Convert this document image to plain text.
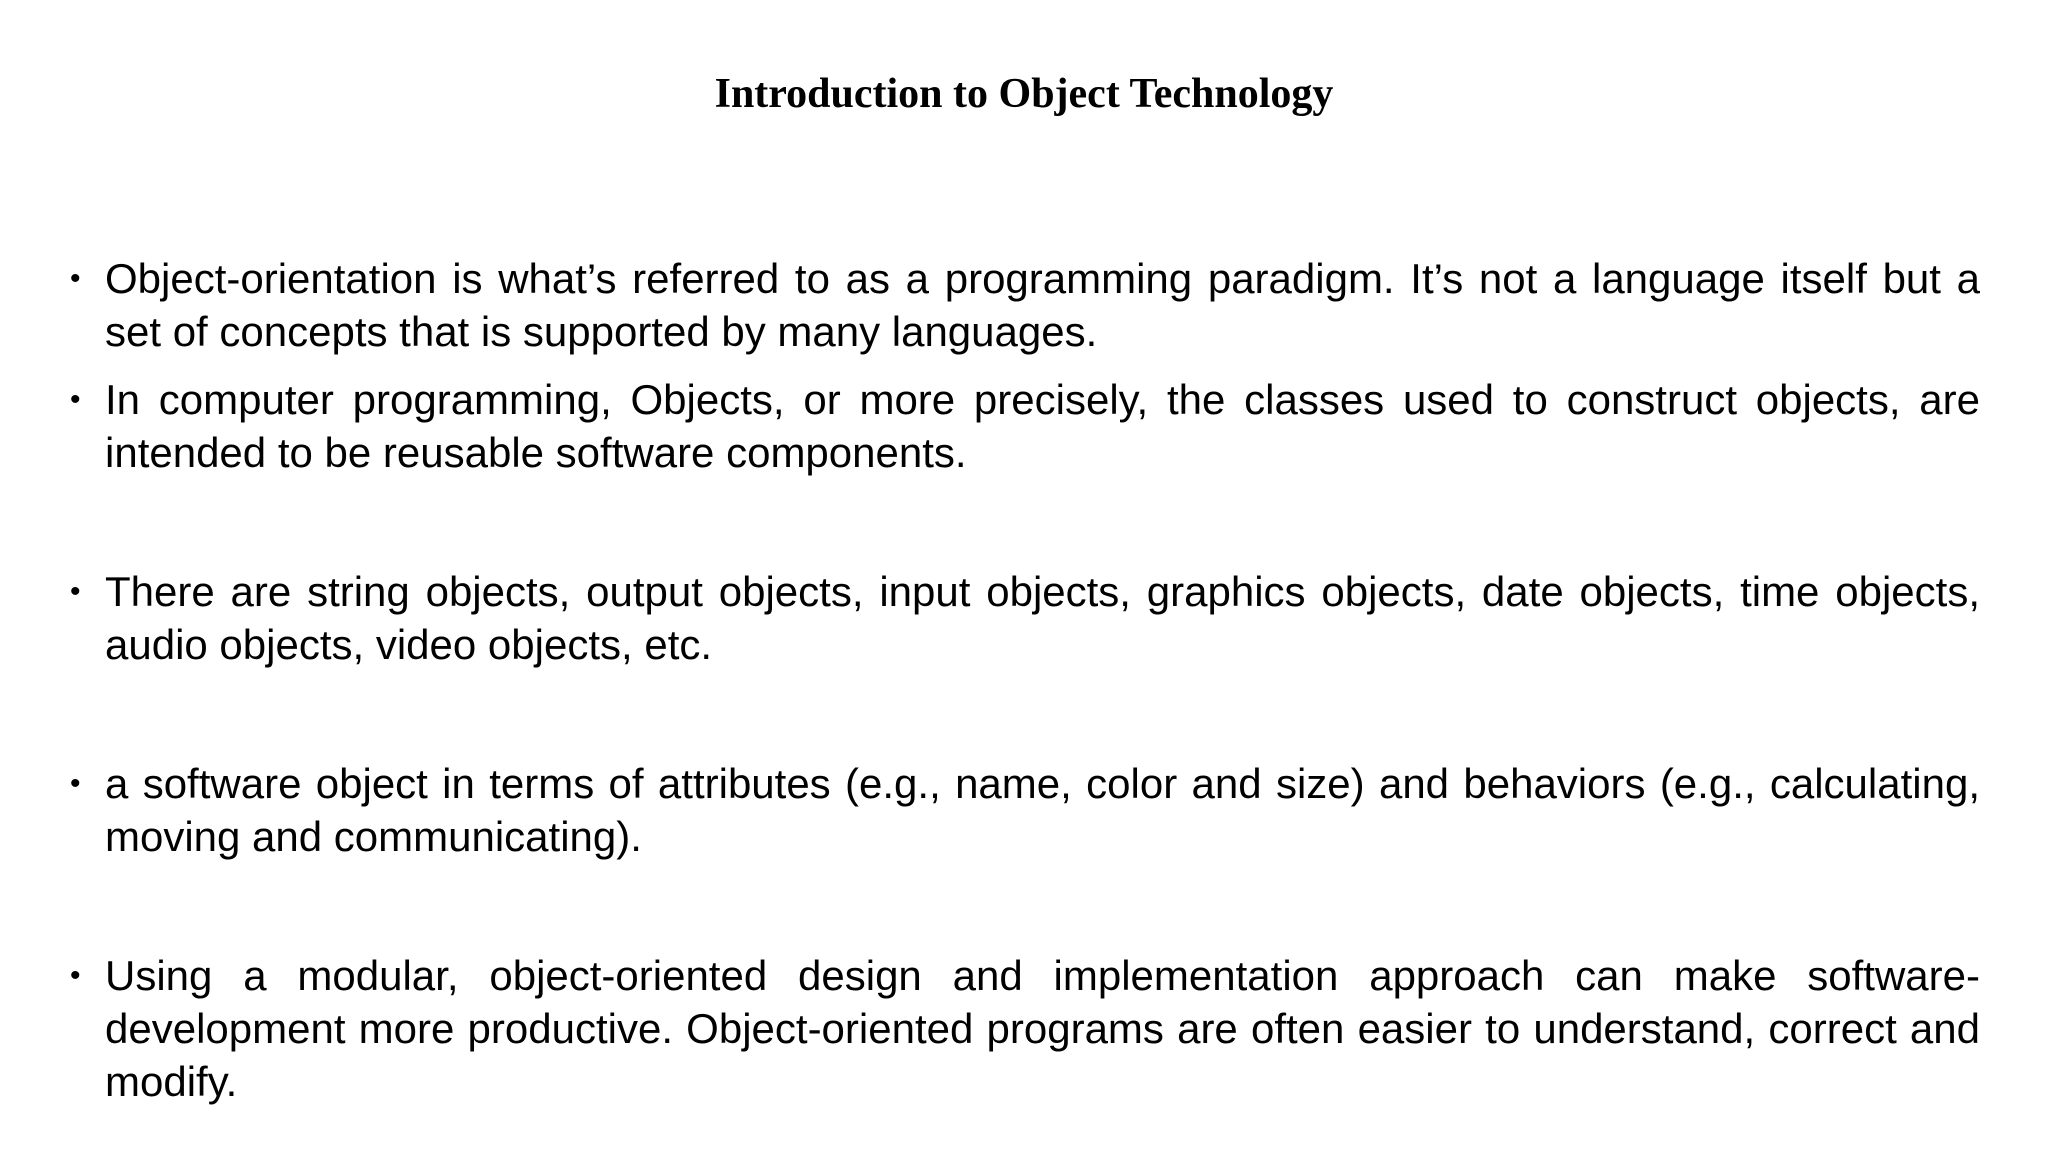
Introduction to Object Technology
• Object-orientation is what’s referred to as a programming paradigm. It’s not a language itself but a set of concepts that is supported by many languages.
• In computer programming, Objects, or more precisely, the classes used to construct objects, are intended to be reusable software components.
• There are string objects, output objects, input objects, graphics objects, date objects, time objects, audio objects, video objects, etc.
• a software object in terms of attributes (e.g., name, color and size) and behaviors (e.g., calculating, moving and communicating).
• Using a modular, object-oriented design and implementation approach can make software-development more productive. Object-oriented programs are often easier to understand, correct and modify.
